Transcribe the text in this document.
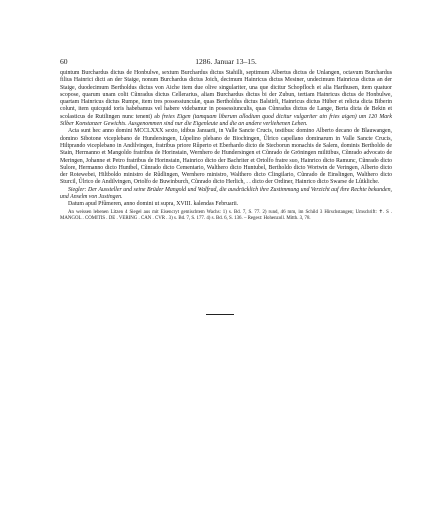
60	1286. Januar 13–15.

quintum Burchardus dictus de Honbulwe, sextum Burchardus dictus Stahilli, septimum Albertus dictus de Unlangen, octavum Burchardus filius Hainrici dicti an der Staige, nonum Burchardus dictus Joich, decimum Hainricus dictus Mesiner, undecimum Hainricus dictus an der Staige, duodecimum Bertholdus dictus von Aiche item due olive singulariter, una que dicitur Schopfloch et alia Harthusen, item quatuor scopose, quarum unam colit Cũnradus dictus Cellerarius, aliam Burchardus dictus bi der Zubun, tertiam Hainricus dictus de Honbulwe, quartam Hainricus dictus Rumpe, item tres possessiunculæ, quas Bertholdus dictus Balstirli, Hainricus dictus Hüber et relicta dicta Biberin colunt, item quicquid toris habebamus vel habere videbamur in possessiunculis, quas Cũnradus dictus de Lange, Berta dicta de Bekin et scolasticus de Rutilingen nunc tenent) ab freies Eigen (tamquam liberum allodium quod dicitur vulgariter ain fries aigen) um 120 Mark Silber Konstanzer Gewichts. Ausgenommen sind nur die Eigenleute und die an andere verliehenen Lehen.

Acta sunt hec anno domini MCCLXXX sexto, idibus Januarii, in Valle Sancte Crucis, testibus: domino Alberto decano de Blauwangen, domino Sibotone viceplebano de Hundersingen, Lûpelino plebano de Biochingen, Ûlrico capellano dominarum in Valle Sancte Crucis, Hiltprando viceplebano in Andilvingen, fratribus priore Rûperto et Eberhardo dicto de Stecborun monachis de Salem, dominis Bertholdo de Stain, Hermanno et Mangoldo fratribus de Horinstain, Wernhero de Hundersingen et Cũnrado de Gröningen militibus, Cũnrado advocato de Meringen, Johanne et Petro fratribus de Horinstain, Hainrico dicto der Bachriter et Ortolfo fratre suo, Hainrico dicto Ramunc, Cũnrado dicto Sulore, Hermanno dicto Huntbel, Cũnrado dicto Cementario, Walthero dicto Huntubel, Bertholdo dicto Wortwin de Veringen, Alberto dicto der Rotewebei, Hiltboldo ministro de Rûdlingen, Wernhero ministro, Walthero dicto Clingilario, Cũnrado de Einslingen, Walthero dicto Sturcil, Ûlrico de Andilvingen, Ortolfo de Buwinburch, Cũnrado dicto Herlich, . . dicto der Ordiner, Hainrico dicto Swarse de Lûtkliche.

Siegler: Der Aussteller und seine Brüder Mangold und Walfrad, die ausdrücklich ihre Zustimmung und Verzicht auf ihre Rechte bekunden, und Anselm von Justingen.

Datum apud Pfûmeren, anno domini ut supra, XVIII. kalendas Februarii.

An weissen lebenen Litzen 4 Siegel aus mit Eisencryt gemischtem Wachs: 1) s. Bd. 7, S. 77. 2) rund, 46 mm, im Schild 3 Hirschstangen; Umschrift: ✝. S . MANGOL . COMITIS . DE . VERING . CAN . CVR . 3) s. Bd. 7, S. 177. 4) s. Bd. 6, S. 136. – Regest: Hohenzoll. Mitth. 3, 78.
